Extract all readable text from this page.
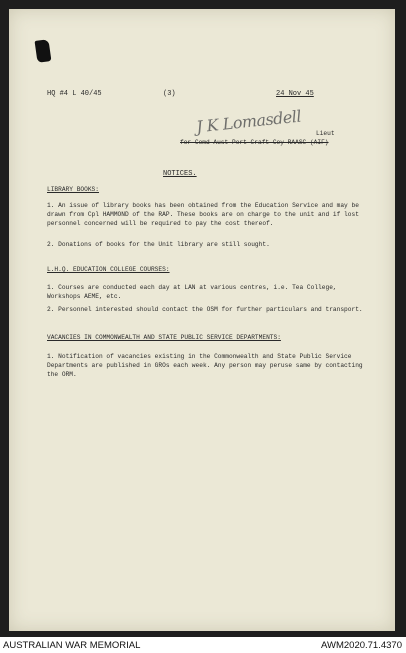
HQ #4 L 40/45	(3)	24 Nov 45
J K Lomasdell Lieut
for Comd Aust Port Craft Coy RAASC (AIF)
NOTICES.
LIBRARY BOOKS:
1. An issue of library books has been obtained from the Education Service and may be drawn from Cpl HAMMOND of the RAP. These books are on charge to the unit and if lost personnel concerned will be required to pay the cost thereof.
2. Donations of books for the Unit library are still sought.
L.H.Q. EDUCATION COLLEGE COURSES:
1. Courses are conducted each day at LAN at various centres, i.e. Tea College, Workshops AEME, etc.
2. Personnel interested should contact the OSM for further particulars and transport.
VACANCIES IN COMMONWEALTH AND STATE PUBLIC SERVICE DEPARTMENTS:
1. Notification of vacancies existing in the Commonwealth and State Public Service Departments are published in GROs each week. Any person may peruse same by contacting the ORM.
AUSTRALIAN WAR MEMORIAL	AWM2020.71.4370
